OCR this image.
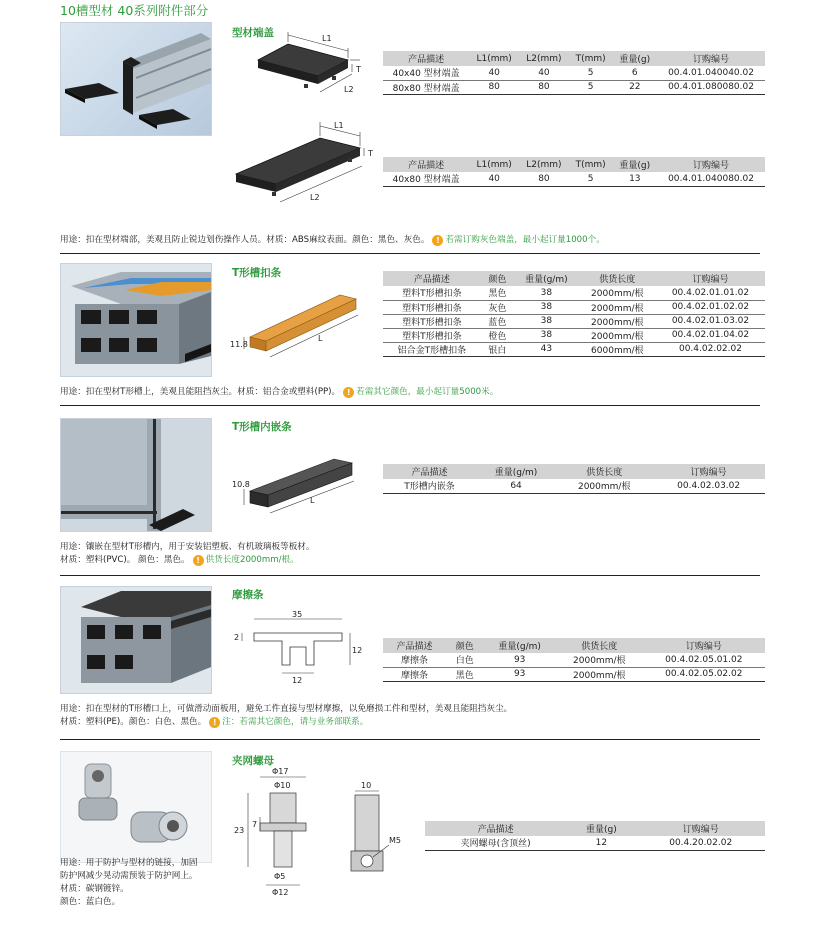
10槽型材 40系列附件部分
型材端盖	L1
L2
T
L1
L2
T
产品描述	L1(mm)	L2(mm)	T(mm)	重量(g)	订购编号
40x40 型材端盖	40	40	5	6	00.4.01.040040.02
80x80 型材端盖	80	80	5	22	00.4.01.080080.02
产品描述	L1(mm)	L2(mm)	T(mm)	重量(g)	订购编号
40x80 型材端盖	40	80	5	13	00.4.01.040080.02
用途：扣在型材端部，美观且防止锐边划伤操作人员。材质：ABS麻纹表面。颜色：黑色、灰色。 ! 若需订购灰色端盖，最小起订量1000个。
T形槽扣条
11.8
L
产品描述	颜色	重量(g/m)	供货长度	订购编号
塑料T形槽扣条	黑色	38	2000mm/根	00.4.02.01.01.02
塑料T形槽扣条	灰色	38	2000mm/根	00.4.02.01.02.02
塑料T形槽扣条	蓝色	38	2000mm/根	00.4.02.01.03.02
塑料T形槽扣条	橙色	38	2000mm/根	00.4.02.01.04.02
铝合金T形槽扣条	银白	43	6000mm/根	00.4.02.02.02
用途：扣在型材T形槽上，美观且能阻挡灰尘。材质：铝合金或塑料(PP)。 ! 若需其它颜色，最小起订量5000米。
T形槽内嵌条
10.8
L
产品描述	重量(g/m)	供货长度	订购编号
T形槽内嵌条	64	2000mm/根	00.4.02.03.02
用途：镶嵌在型材T形槽内，用于安装铝塑板、有机玻璃板等板材。
材质：塑料(PVC)。 颜色：黑色。 ! 供货长度2000mm/根。
摩擦条
35
2
12
12
产品描述	颜色	重量(g/m)	供货长度	订购编号
摩擦条	白色	93	2000mm/根	00.4.02.05.01.02
摩擦条	黑色	93	2000mm/根	00.4.02.05.02.02
用途：扣在型材的T形槽口上，可做滑动面板用，避免工件直接与型材摩擦，以免磨损工件和型材，美观且能阻挡灰尘。
材质：塑料(PE)。颜色：白色、黑色。 ! 注：若需其它颜色，请与业务部联系。
夹网螺母
Φ17
Φ10
23
7
Φ5
Φ12
10
M5
产品描述	重量(g)	订购编号
夹网螺母(含顶丝)	12	00.4.20.02.02
用途：用于防护与型材的链接，加固
防护网减少晃动需预装于防护网上。
材质：碳钢镀锌。
颜色：蓝白色。
